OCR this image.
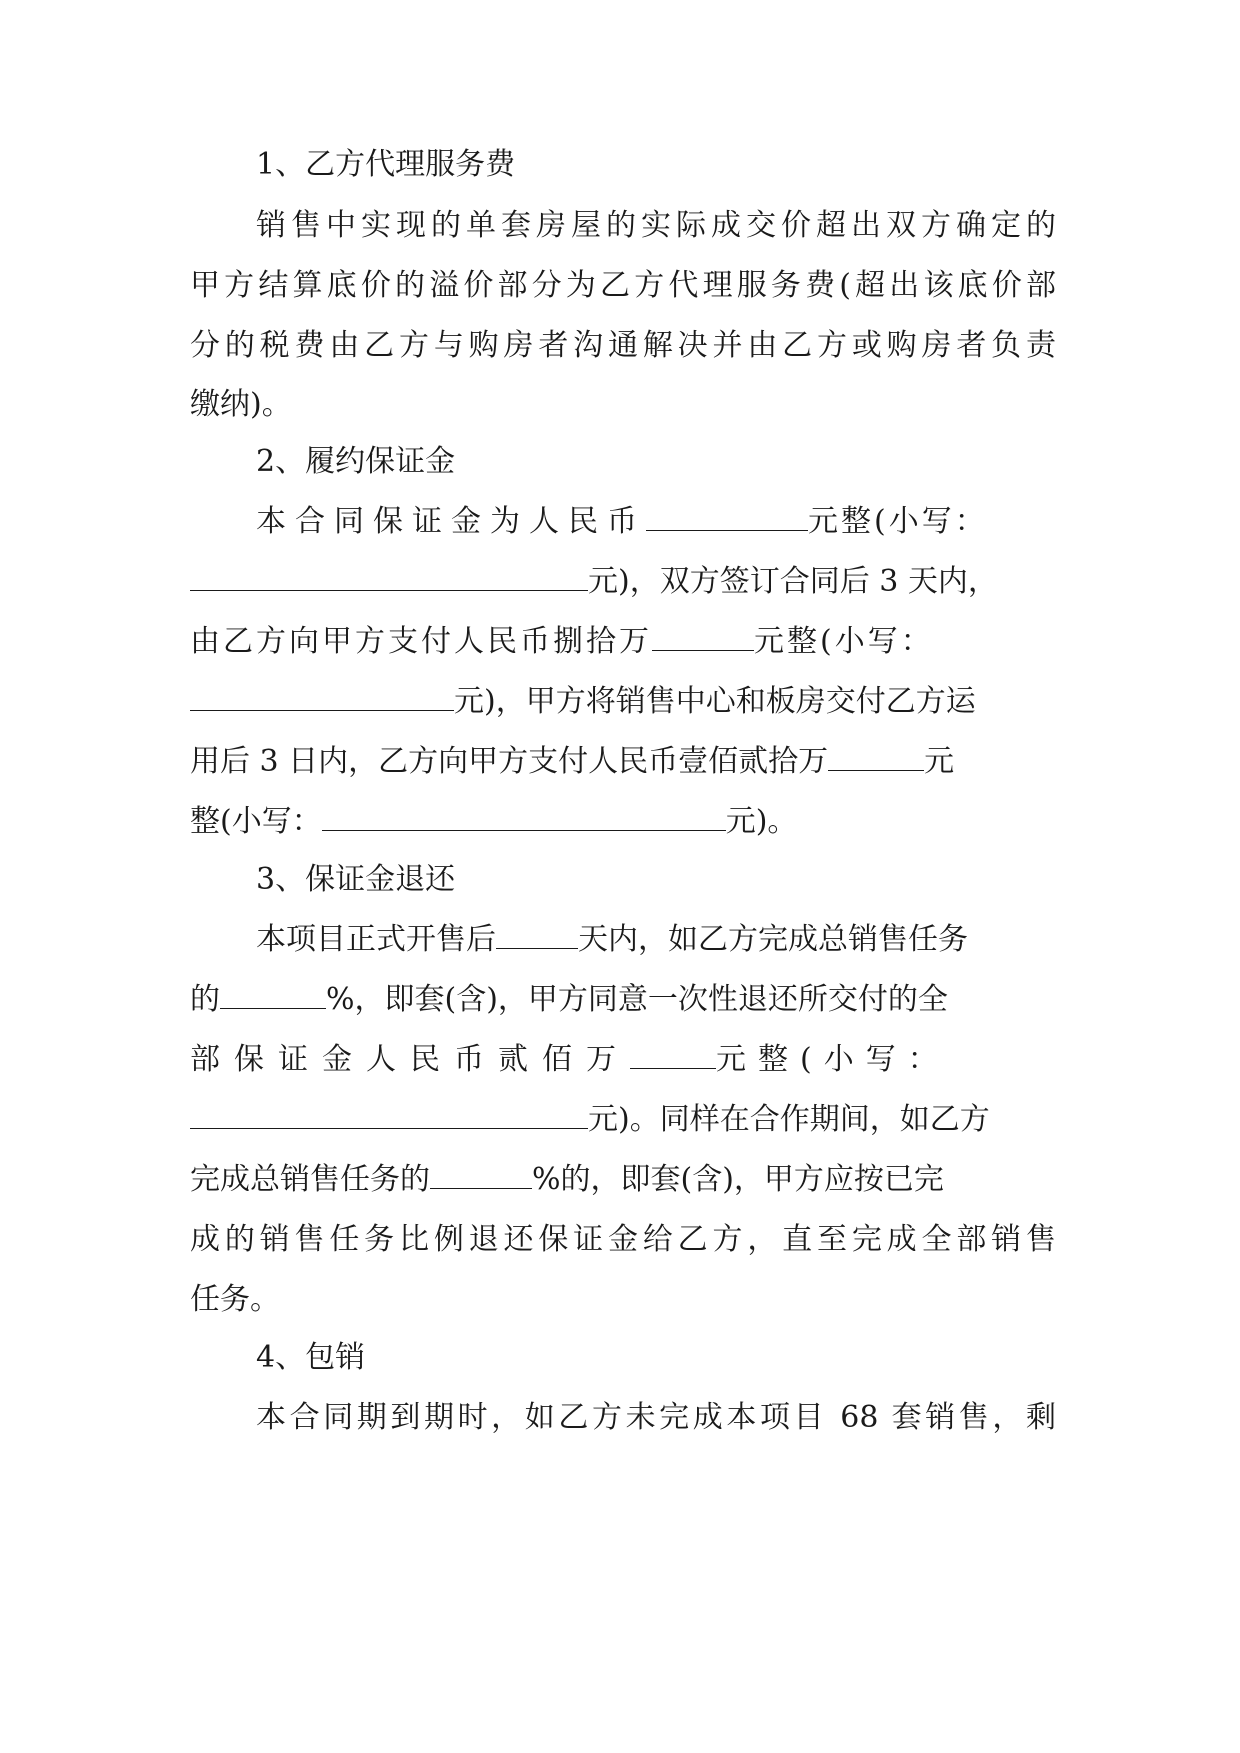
1、乙方代理服务费
销售中实现的单套房屋的实际成交价超出双方确定的
甲方结算底价的溢价部分为乙方代理服务费(超出该底价部
分的税费由乙方与购房者沟通解决并由乙方或购房者负责
缴纳)。
2、履约保证金
本合同保证金为人民币	元整(小写：
元)，双方签订合同后 3 天内，
由乙方向甲方支付人民币捌拾万	元整(小写：
元)，甲方将销售中心和板房交付乙方运
用后 3 日内，乙方向甲方支付人民币壹佰贰拾万	元
整(小写：	元)。
3、保证金退还
本项目正式开售后	天内，如乙方完成总销售任务
的	%，即套(含)，甲方同意一次性退还所交付的全
部保证金人民币贰佰万	元整(小写：
元)。同样在合作期间，如乙方
完成总销售任务的	%的，即套(含)，甲方应按已完
成的销售任务比例退还保证金给乙方，直至完成全部销售
任务。
4、包销
本合同期到期时，如乙方未完成本项目 68 套销售，剩
